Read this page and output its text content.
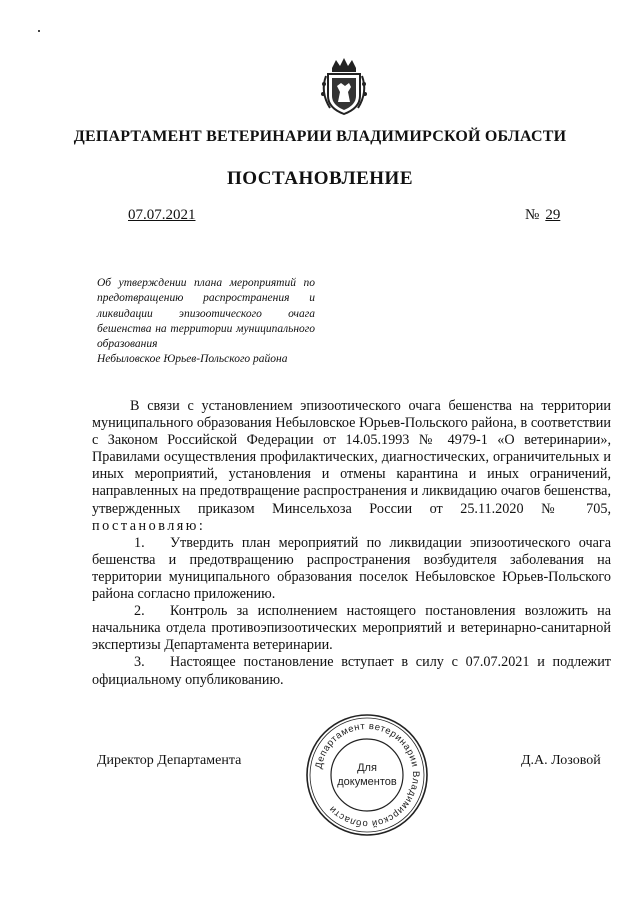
ДЕПАРТАМЕНТ ВЕТЕРИНАРИИ ВЛАДИМИРСКОЙ ОБЛАСТИ
ПОСТАНОВЛЕНИЕ
07.07.2021	№ 29
Об утверждении плана мероприятий по предотвращению распространения и ликвидации эпизоотического очага бешенства на территории муниципального образования
Небыловское Юрьев-Польского района

В связи с установлением эпизоотического очага бешенства на территории муниципального образования Небыловское Юрьев-Польского района, в соответствии с Законом Российской Федерации от 14.05.1993 № 4979-1 «О ветеринарии», Правилами осуществления профилактических, диагностических, ограничительных и иных мероприятий, установления и отмены карантина и иных ограничений, направленных на предотвращение распространения и ликвидацию очагов бешенства, утвержденных приказом Минсельхоза России от 25.11.2020 № 705, постановляю:

1. Утвердить план мероприятий по ликвидации эпизоотического очага бешенства и предотвращению распространения возбудителя заболевания на территории муниципального образования поселок Небыловское Юрьев-Польского района согласно приложению.

2. Контроль за исполнением настоящего постановления возложить на начальника отдела противоэпизоотических мероприятий и ветеринарно-санитарной экспертизы Департамента ветеринарии.

3. Настоящее постановление вступает в силу с 07.07.2021 и подлежит официальному опубликованию.

Директор Департамента	Д.А. Лозовой
Департамент ветеринарии Владимирской области
Для
документов
